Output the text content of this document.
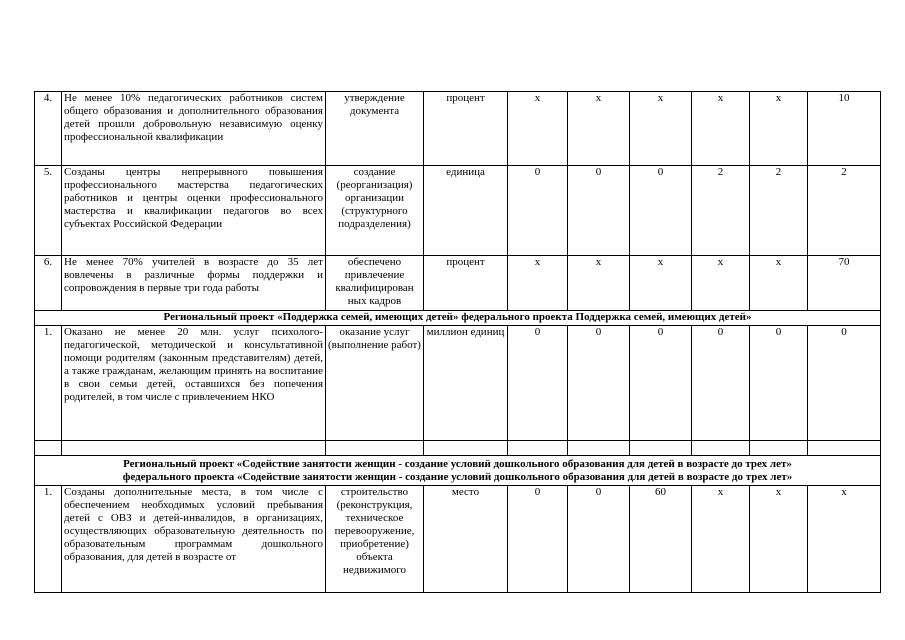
4.	Не менее 10% педагогических работников систем общего образования и дополнительного образования детей прошли добровольную независимую оценку профессиональной квалификации	утверждение документа	процент	х	х	х	х	х	10
5.	Созданы центры непрерывного повышения профессионального мастерства педагогических работников и центры оценки профессионального мастерства и квалификации педагогов во всех субъектах Российской Федерации	создание (реорганизация) организации (структурного подразделения)	единица	0	0	0	2	2	2
6.	Не менее 70% учителей в возрасте до 35 лет вовлечены в различные формы поддержки и сопровождения в первые три года работы	обеспечено привлечение квалифицирован ных кадров	процент	х	х	х	х	х	70
Региональный проект «Поддержка семей, имеющих детей» федерального проекта Поддержка семей, имеющих детей»									
1.	Оказано не менее 20 млн. услуг психолого-педагогической, методической и консультативной помощи родителям (законным представителям) детей, а также гражданам, желающим принять на воспитание в свои семьи детей, оставшихся без попечения родителей, в том числе с привлечением НКО	оказание услуг (выполнение работ)	миллион единиц	0	0	0	0	0	0

Региональный проект «Содействие занятости женщин - создание условий дошкольного образования для детей в возрасте до трех лет»
федерального проекта «Содействие занятости женщин - создание условий дошкольного образования для детей в возрасте до трех лет»									

1.	Созданы дополнительные места, в том числе с обеспечением необходимых условий пребывания детей с ОВЗ и детей-инвалидов, в организациях, осуществляющих образовательную деятельность по образовательным программам дошкольного образования, для детей в возрасте от	строительство (реконструкция, техническое перевооружение, приобретение) объекта недвижимого	место	0	0	60	х	х	х
